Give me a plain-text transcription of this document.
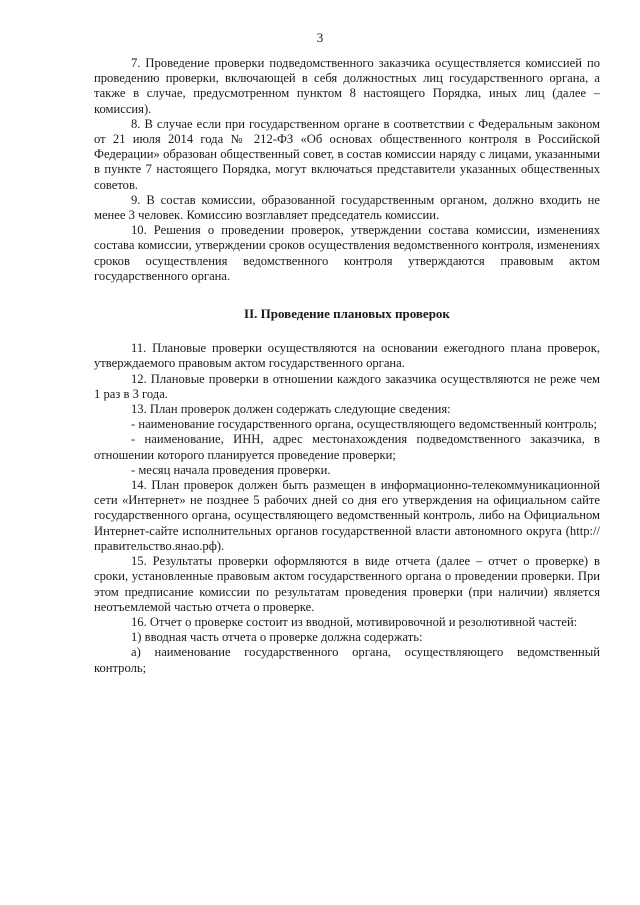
3

7. Проведение проверки подведомственного заказчика осуществляется комиссией по проведению проверки, включающей в себя должностных лиц государственного органа, а также в случае, предусмотренном пунктом 8 настоящего Порядка, иных лиц (далее – комиссия).

8. В случае если при государственном органе в соответствии с Федеральным законом от 21 июля 2014 года № 212-ФЗ «Об основах общественного контроля в Российской Федерации» образован общественный совет, в состав комиссии наряду с лицами, указанными в пункте 7 настоящего Порядка, могут включаться представители указанных общественных советов.

9. В состав комиссии, образованной государственным органом, должно входить не менее 3 человек. Комиссию возглавляет председатель комиссии.

10. Решения о проведении проверок, утверждении состава комиссии, изменениях состава комиссии, утверждении сроков осуществления ведомственного контроля, изменениях сроков осуществления ведомственного контроля утверждаются правовым актом государственного органа.

II. Проведение плановых проверок

11. Плановые проверки осуществляются на основании ежегодного плана проверок, утверждаемого правовым актом государственного органа.

12. Плановые проверки в отношении каждого заказчика осуществляются не реже чем 1 раз в 3 года.

13. План проверок должен содержать следующие сведения:

- наименование государственного органа, осуществляющего ведомственный контроль;

- наименование, ИНН, адрес местонахождения подведомственного заказчика, в отношении которого планируется проведение проверки;

- месяц начала проведения проверки.

14. План проверок должен быть размещен в информационно-телекоммуникационной сети «Интернет» не позднее 5 рабочих дней со дня его утверждения на официальном сайте государственного органа, осуществляющего ведомственный контроль, либо на Официальном Интернет-сайте исполнительных органов государственной власти автономного округа (http://правительство.янао.рф).

15. Результаты проверки оформляются в виде отчета (далее – отчет о проверке) в сроки, установленные правовым актом государственного органа о проведении проверки. При этом предписание комиссии по результатам проведения проверки (при наличии) является неотъемлемой частью отчета о проверке.

16. Отчет о проверке состоит из вводной, мотивировочной и резолютивной частей:

1) вводная часть отчета о проверке должна содержать:

а) наименование государственного органа, осуществляющего ведомственный контроль;
